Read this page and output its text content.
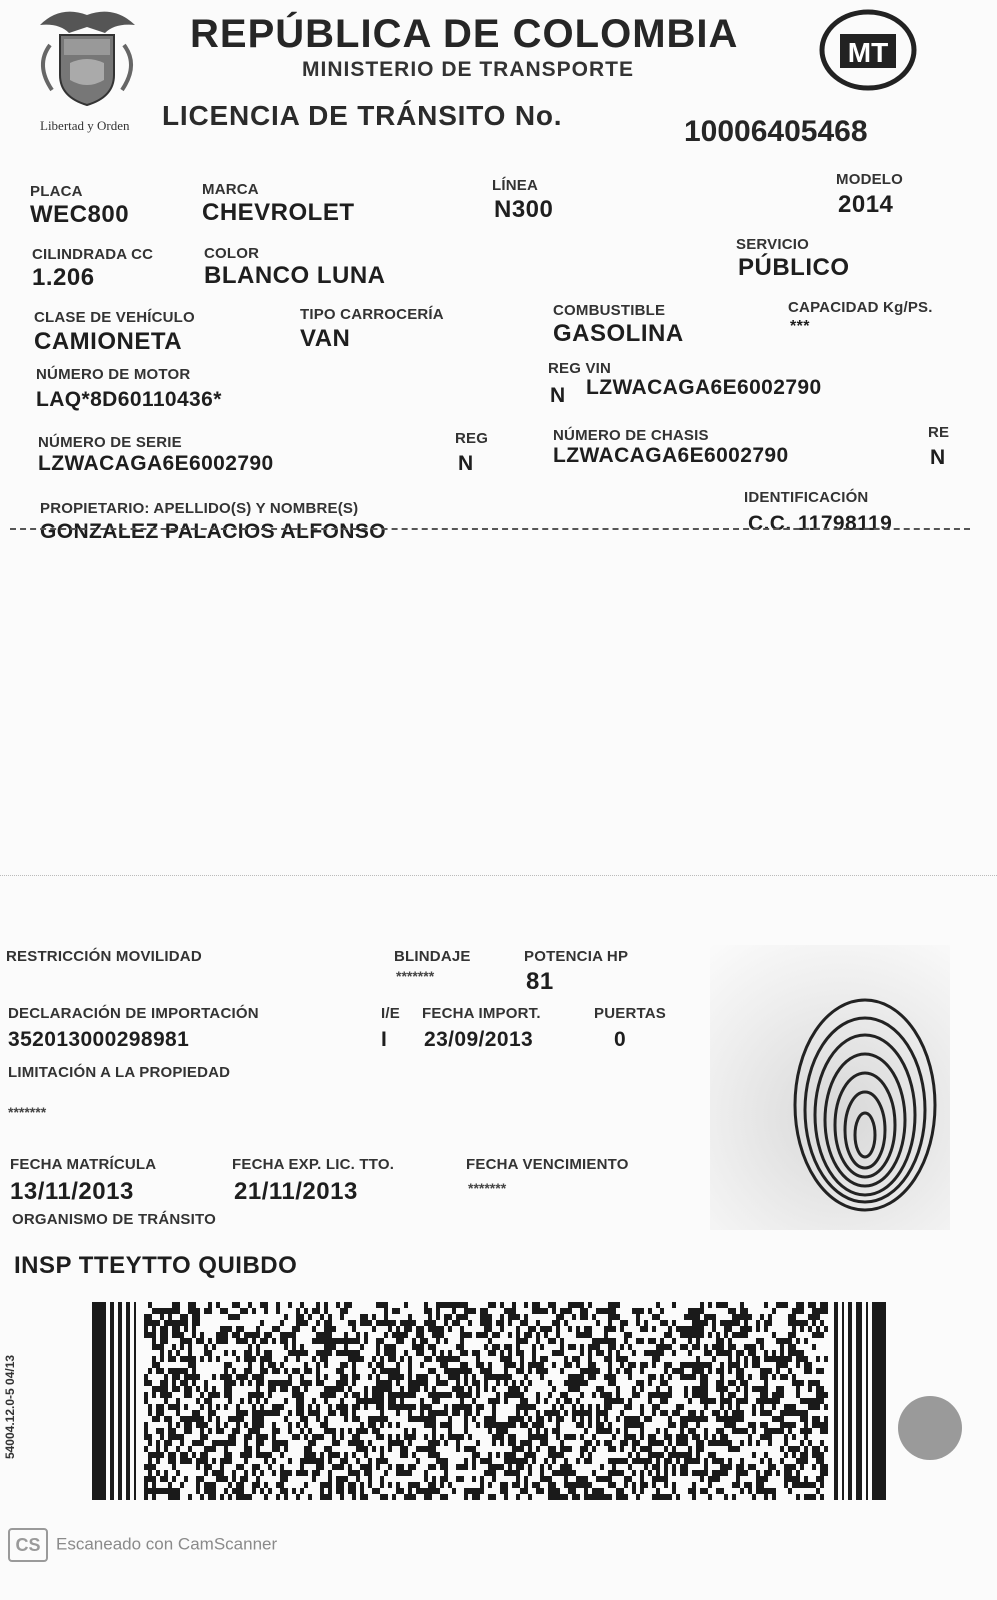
Libertad y Orden
REPÚBLICA DE COLOMBIA
MINISTERIO DE TRANSPORTE
MT
LICENCIA DE TRÁNSITO No.	10006405468
PLACA
WEC800
MARCA
CHEVROLET
LÍNEA
N300
MODELO
2014
CILINDRADA CC
1.206
COLOR
BLANCO LUNA
SERVICIO
PÚBLICO
CLASE DE VEHÍCULO
CAMIONETA
TIPO CARROCERÍA
VAN
COMBUSTIBLE
GASOLINA
CAPACIDAD Kg/PS.
***
NÚMERO DE MOTOR
LAQ*8D60110436*
REG VIN
N LZWACAGA6E6002790
NÚMERO DE SERIE
LZWACAGA6E6002790
REG
N
NÚMERO DE CHASIS
LZWACAGA6E6002790
RE
N
PROPIETARIO: APELLIDO(S) Y NOMBRE(S)
GONZALEZ PALACIOS ALFONSO
IDENTIFICACIÓN
C.C. 11798119
RESTRICCIÓN MOVILIDAD	BLINDAJE
*******
POTENCIA HP
81
DECLARACIÓN DE IMPORTACIÓN
352013000298981
I/E
I
FECHA IMPORT.
23/09/2013
PUERTAS
0
LIMITACIÓN A LA PROPIEDAD
*******
FECHA MATRÍCULA
13/11/2013
FECHA EXP. LIC. TTO.
21/11/2013
FECHA VENCIMIENTO
*******
ORGANISMO DE TRÁNSITO
INSP TTEYTTO QUIBDO
54004.12.0-5 04/13
CS Escaneado con CamScanner
